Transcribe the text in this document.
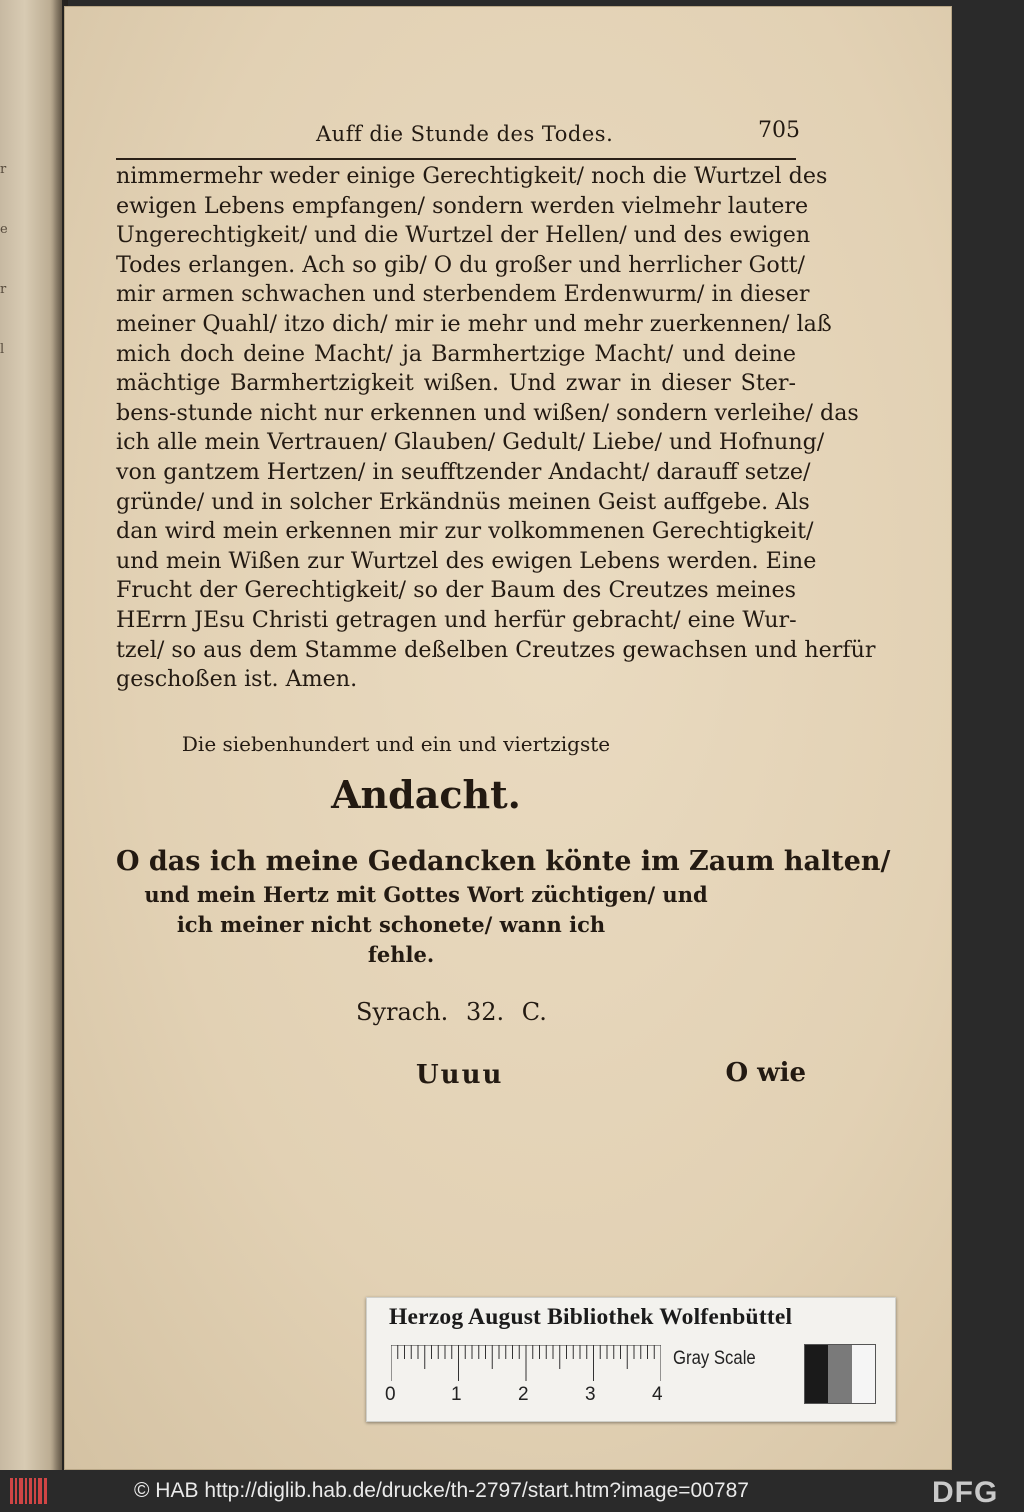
r
e
r
l
Auff die Stunde des Todes.	705
nimmermehr weder einige Gerechtigkeit/ noch die Wurtzel des
ewigen Lebens empfangen/ sondern werden vielmehr lautere
Ungerechtigkeit/ und die Wurtzel der Hellen/ und des ewigen
Todes erlangen. Ach so gib/ O du großer und herrlicher Gott/
mir armen schwachen und sterbendem Erdenwurm/ in dieser
meiner Quahl/ itzo dich/ mir ie mehr und mehr zuerkennen/ laß
mich doch deine Macht/ ja Barmhertzige Macht/ und deine
mächtige Barmhertzigkeit wißen. Und zwar in dieser Ster-
bens-stunde nicht nur erkennen und wißen/ sondern verleihe/ das
ich alle mein Vertrauen/ Glauben/ Gedult/ Liebe/ und Hofnung/
von gantzem Hertzen/ in seufftzender Andacht/ darauff setze/
gründe/ und in solcher Erkändnüs meinen Geist auffgebe. Als
dan wird mein erkennen mir zur volkommenen Gerechtigkeit/
und mein Wißen zur Wurtzel des ewigen Lebens werden. Eine
Frucht der Gerechtigkeit/ so der Baum des Creutzes meines
HErrn JEsu Christi getragen und herfür gebracht/ eine Wur-
tzel/ so aus dem Stamme deßelben Creutzes gewachsen und herfür
geschoßen ist. Amen.
Die siebenhundert und ein und viertzigste
Andacht.
O das ich meine Gedancken könte im Zaum halten/
und mein Hertz mit Gottes Wort züchtigen/ und
ich meiner nicht schonete/ wann ich
fehle.
Syrach. 32. C.
Uuuu	O wie
Herzog August Bibliothek Wolfenbüttel
0	1	2	3	4
Gray Scale
© HAB http://diglib.hab.de/drucke/th-2797/start.htm?image=00787	DFG
